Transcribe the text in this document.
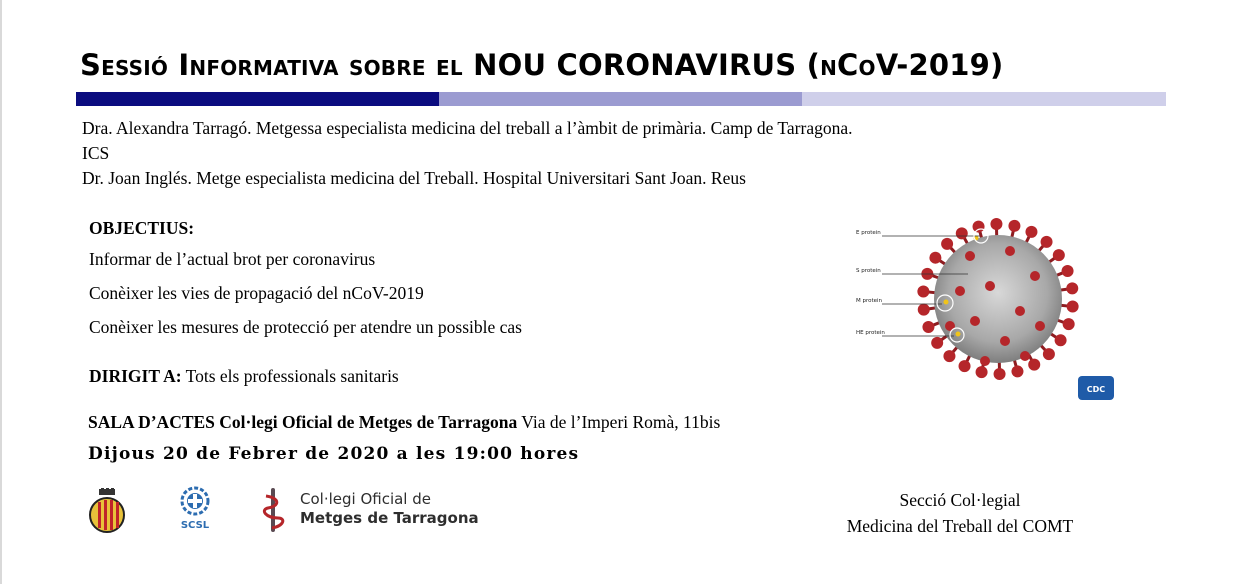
Sessió Informativa sobre el NOU CORONAVIRUS (nCoV-2019)

Dra. Alexandra Tarragó. Metgessa especialista medicina del treball a l’àmbit de primària. Camp de Tarragona. ICS

Dr. Joan Inglés. Metge especialista medicina del Treball. Hospital Universitari Sant Joan. Reus

OBJECTIUS:

Informar de l’actual brot per coronavirus

Conèixer les vies de propagació del nCoV-2019

Conèixer les mesures de protecció per atendre un possible cas

DIRIGIT A: Tots els professionals sanitaris
SALA D’ACTES Col·legi Oficial de Metges de Tarragona Via de l’Imperi Romà, 11bis
Dijous 20 de Febrer de 2020 a les 19:00 hores
E protein
S protein
M protein
HE protein
CDC
SCSL
Col·legi Oficial de
Metges de Tarragona
Secció Col·legial
Medicina del Treball del COMT
